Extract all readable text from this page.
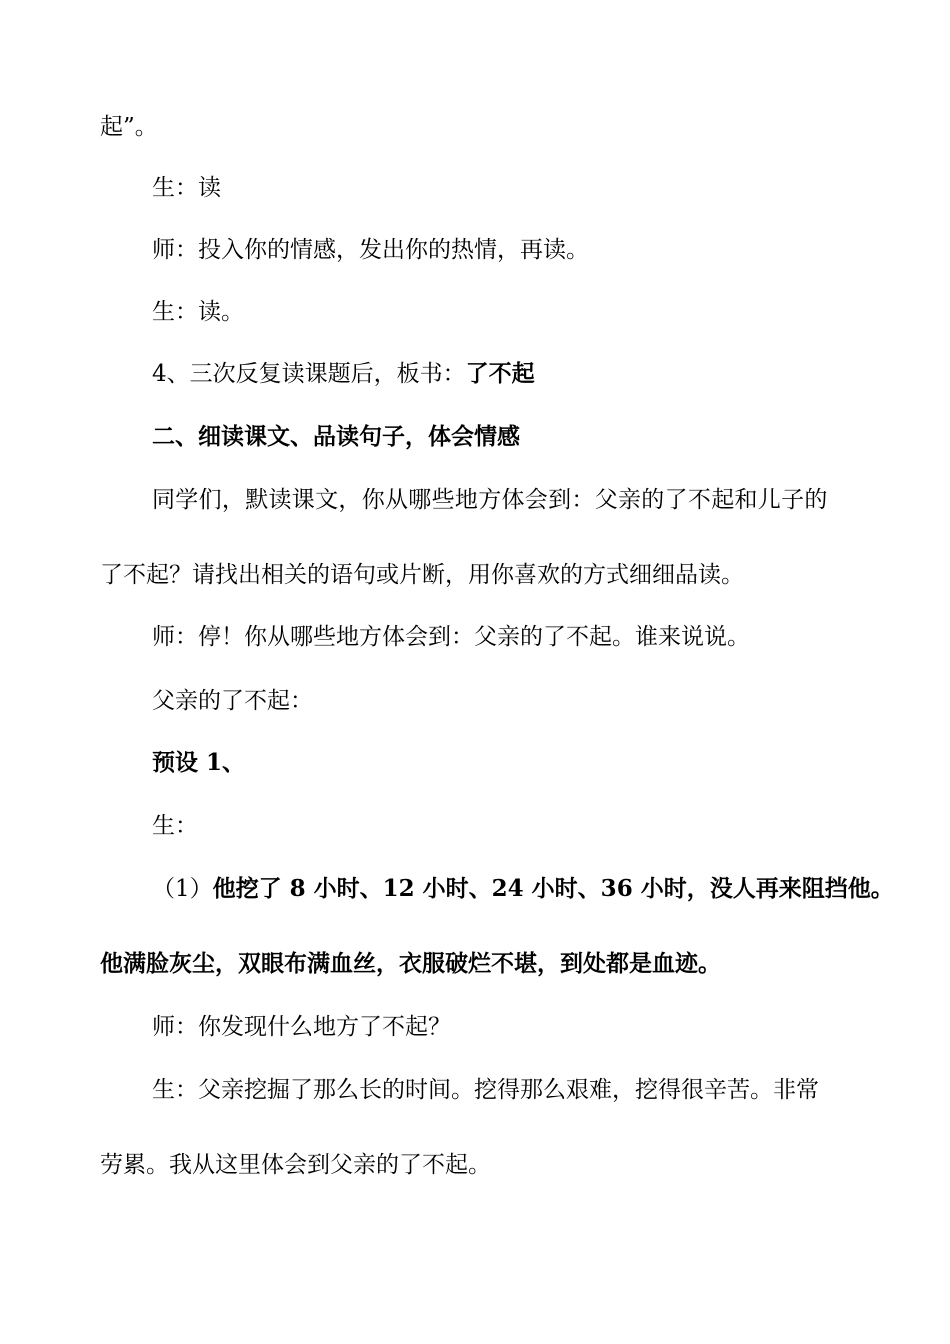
起”。
生：读
师：投入你的情感，发出你的热情，再读。
生：读。
4、三次反复读课题后，板书：了不起
二、细读课文、品读句子，体会情感
同学们，默读课文，你从哪些地方体会到：父亲的了不起和儿子的
了不起？请找出相关的语句或片断，用你喜欢的方式细细品读。
师：停！你从哪些地方体会到：父亲的了不起。谁来说说。
父亲的了不起：
预设 1、
生：
（1）他挖了 8 小时、12 小时、24 小时、36 小时，没人再来阻挡他。
他满脸灰尘，双眼布满血丝，衣服破烂不堪，到处都是血迹。
师：你发现什么地方了不起？
生：父亲挖掘了那么长的时间。挖得那么艰难，挖得很辛苦。非常
劳累。我从这里体会到父亲的了不起。
